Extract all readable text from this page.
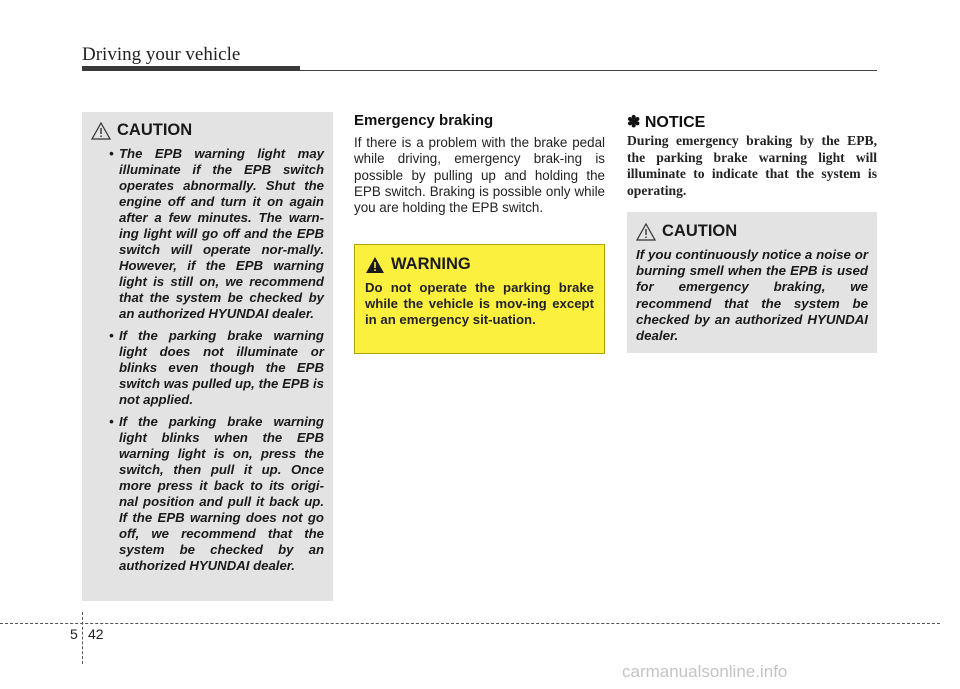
Driving your vehicle
CAUTION
• The EPB warning light may illuminate if the EPB switch operates abnormally. Shut the engine off and turn it on again after a few minutes. The warn-ing light will go off and the EPB switch will operate nor-mally. However, if the EPB warning light is still on, we recommend that the system be checked by an authorized HYUNDAI dealer.
• If the parking brake warning light does not illuminate or blinks even though the EPB switch was pulled up, the EPB is not applied.
• If the parking brake warning light blinks when the EPB warning light is on, press the switch, then pull it up. Once more press it back to its origi-nal position and pull it back up. If the EPB warning does not go off, we recommend that the system be checked by an authorized HYUNDAI dealer.
Emergency braking
If there is a problem with the brake pedal while driving, emergency brak-ing is possible by pulling up and holding the EPB switch. Braking is possible only while you are holding the EPB switch.
WARNING
Do not operate the parking brake while the vehicle is mov-ing except in an emergency sit-uation.
✽ NOTICE
During emergency braking by the EPB, the parking brake warning light will illuminate to indicate that the system is operating.
CAUTION
If you continuously notice a noise or burning smell when the EPB is used for emergency braking, we recommend that the system be checked by an authorized HYUNDAI dealer.
5 42
carmanualsonline.info
